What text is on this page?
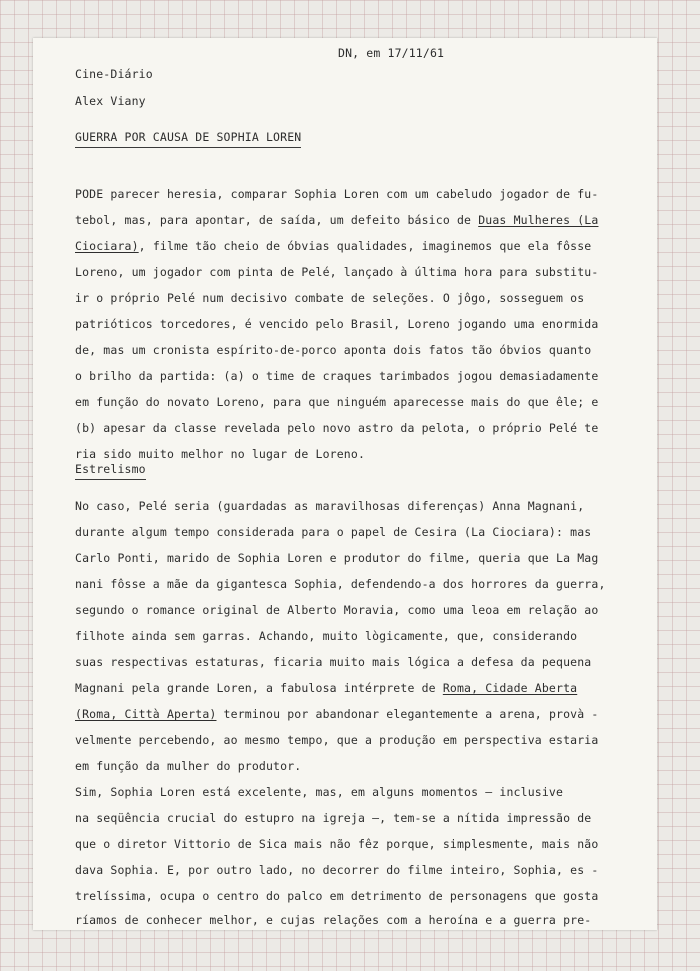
DN, em 17/11/61

Cine-Diário

Alex Viany

GUERRA POR CAUSA DE SOPHIA LOREN

PODE parecer heresia, comparar Sophia Loren com um cabeludo jogador de fu-

tebol, mas, para apontar, de saída, um defeito básico de Duas Mulheres (La

Ciociara), filme tão cheio de óbvias qualidades, imaginemos que ela fôsse

Loreno, um jogador com pinta de Pelé, lançado à última hora para substitu-

ir o próprio Pelé num decisivo combate de seleções. O jôgo, sosseguem os

patrióticos torcedores, é vencido pelo Brasil, Loreno jogando uma enormida

de, mas um cronista espírito-de-porco aponta dois fatos tão óbvios quanto

o brilho da partida: (a) o time de craques tarimbados jogou demasiadamente

em função do novato Loreno, para que ninguém aparecesse mais do que êle; e

(b) apesar da classe revelada pelo novo astro da pelota, o próprio Pelé te

ria sido muito melhor no lugar de Loreno.

Estrelismo

No caso, Pelé seria (guardadas as maravilhosas diferenças) Anna Magnani,

durante algum tempo considerada para o papel de Cesira (La Ciociara): mas

Carlo Ponti, marido de Sophia Loren e produtor do filme, queria que La Mag

nani fôsse a mãe da gigantesca Sophia, defendendo-a dos horrores da guerra,

segundo o romance original de Alberto Moravia, como uma leoa em relação ao

filhote ainda sem garras. Achando, muito lògicamente, que, considerando

suas respectivas estaturas, ficaria muito mais lógica a defesa da pequena

Magnani pela grande Loren, a fabulosa intérprete de Roma, Cidade Aberta

(Roma, Città Aperta) terminou por abandonar elegantemente a arena, provà -

velmente percebendo, ao mesmo tempo, que a produção em perspectiva estaria

em função da mulher do produtor.

Sim, Sophia Loren está excelente, mas, em alguns momentos — inclusive

na seqüência crucial do estupro na igreja —, tem-se a nítida impressão de

que o diretor Vittorio de Sica mais não fêz porque, simplesmente, mais não

dava Sophia. E, por outro lado, no decorrer do filme inteiro, Sophia, es -

trelíssima, ocupa o centro do palco em detrimento de personagens que gosta

ríamos de conhecer melhor, e cujas relações com a heroína e a guerra pre-
